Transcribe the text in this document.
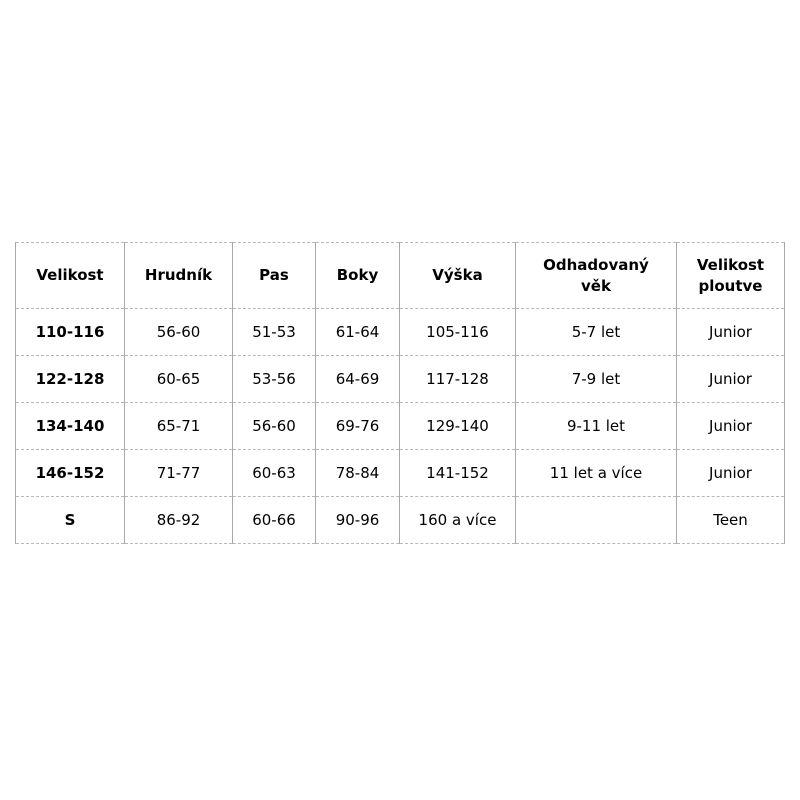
Velikost	Hrudník	Pas	Boky	Výška	Odhadovaný věk	Velikost ploutve
110-116	56-60	51-53	61-64	105-116	5-7 let	Junior
122-128	60-65	53-56	64-69	117-128	7-9 let	Junior
134-140	65-71	56-60	69-76	129-140	9-11 let	Junior
146-152	71-77	60-63	78-84	141-152	11 let a více	Junior
S	86-92	60-66	90-96	160 a více		Teen
